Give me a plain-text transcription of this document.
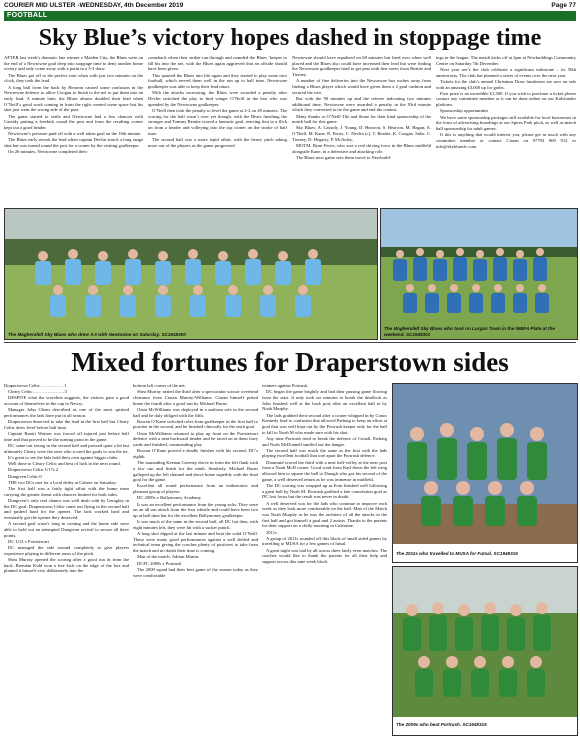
COURIER MID ULSTER -WEDNESDAY, 4th December 2019	Page 77
FOOTBALL
Sky Blue’s victory hopes dashed in stoppage time

AFTER last week’s dramatic late winner v Maiden City, the Blues were on the end of a Newtowne goal deep into stoppage time to deny another home victory and only come away with a point in a 3-3 draw.

The Blues got off to the perfect start when with just two minutes on the clock, they took the lead.

A long ball from the back by Hearron caused some confusion in the Newtowne defence to allow Coogan to finish to the net to put them into an early lead. A minute later, the Blues almost doubled their lead when O’Neill’s good work coming in from the right created some space but his shot just went the wrong side of the post.

The game started to settle and Newtowne had a few chances with Cassidy putting a freekick round the post and from the resulting corner kept out a good header.

Newtowne’s pressure paid off with a well taken goal on the 16th minute.

The Blues early retook the lead when captain Devlin struck a long range shot but was turned round the post for a corner by the visiting goalkeeper.

On 26 minutes, Newtowne completed their

comeback when their striker ran through and rounded the Blues ’keeper to fill his into the net, with the Blues again aggrieved that an offside should have been given.

This spurred the Blues into life again and they started to play some nice football, which served them well in the run up to half time, Newtowne goalkeeper was able to keep their lead intact.

With the attacks increasing, the Blues were awarded a penalty after Devlin switched the play to find winger O’Neill in the box who was upended by the Newtowne goalkeeper.

O’Neill then took the penalty to level the game at 2-2 on 49 minutes. The scoring for the half wasn’t over yet though, with the Blues finishing the stronger and Tommy Beattie scored a fantastic goal, reacting first to a flick on from a header and volleying into the top corner on the stroke of half time.

The second half was a more tepid affair, with the heavy pitch taking more out of the players as the game progressed.

Newtowne should have equalised on 60 minutes but fired over when well placed and the Blues also could have increased their lead but were finding the Newtowne goalkeeper hard to get past with fine saves from Beattie and Tierney.

A number of fine deliveries into the Newtowne box inches away from finding a Blues player which would have given them a 2 goal cushion and secured the win.

But with the 90 minutes up and the referee indicating two minutes additional time, Newtowne were awarded a penalty in the 93rd minute which they converted to tie the game and end the contest.

Many thanks to O’Neill Tile and Stone for their kind sponsorship of the match ball for this game.

Sky Blues: A. Cassidy, J. Young, D. Hearron, S. Hearron, M. Hagan, A. O’Neill, M. Kane, R. Ferris, C. Devlin (c), T. Beattie, K. Coogan. Subs: C. Tierney, D. Hegarty, P. McAuley,

MOTM: Ryan Ferris, who was a real driving force in the Blues midfield alongside Kane, in a defensive and attacking role.

The Blues next game sees them travel to Newbuild-

ings in the league. The match kicks off at 2pm at Newbuildings Community Centre on Saturday 7th December.

Next year see’s the club celebrate a significant milestone – its 50th anniversary. The club has planned a series of events over the next year.

Tickets for the club’s annual Christmas Draw fundraiser are now on sale with an amazing £3,000 up for grabs.

First prize is an incredible £1,500. If you wish to purchase a ticket please contact any committee member or it can be done online on our Kidsfunder platform.

Sponsorship opportunities

We have some sponsorship packages still available for local businesses in the form of advertising hoardings at our Spires Park pitch, as well as match ball sponsorship for adult games.

If this is anything that would interest you, please get in touch with any committee member or contact Ciaran on 07793 869 912 or info@skybluesfc.com

The Magherafelt Sky Blues who drew 3-3 with Newtowne on Saturday. SC1949300
The Magherafelt Sky Blues who took on Lurgan Town in the NIBFA Plate at the weekend. SC1949301
Mixed fortunes for Draperstown sides

Draperstown Celtic…………….1

Cleary Celtic…………………3

DESPITE what the scoreline suggests, the visitors gave a good account of themselves in the cup in Newry.

Manager John Glenn described as one of the most spirited performances the lads have put in all season.

Draperstown deserved to take the lead in the first half but Cleary Celtic drew level before half time.

Captain Ruairi Watson was forced off injured just before half time and that proved to be the turning point in the game.

DC came out strong in the second half and pressed quite a bit but ultimately Cleary were the ones who scored the goals to win the tie.

It’s great to see the lads hold their own against bigger clubs.

Well done to Cleary Celtic and best of luck in the next round.

Draperstown Celtic U17s 2

Dungiven Celtic 0

THE two DCs met for a local derby at Cahore on Saturday.

The first half was a fairly tight affair with the home team carrying the greater threat with chances limited for both sides.

Dungiven’s only real chance was well dealt with by Geraghty in the DC goal. Draperstown Celtic came out flying in the second half and pushed hard for the opener. The lads worked hard and eventually got the opener they deserved.

A second goal wasn’t long in coming and the home side were able to hold out an attempted Dungiven revival to secure all three points.

DC U13 v Portstewart

DC managed the side around completely to give players experience playing in different areas of the pitch.

Shea Murray opened the scoring after a good run in from the back. Brendan Kidd won a free kick on the edge of the box and planted it himself very deliberately into the

bottom left corner of the net.

Shea Murray netted the third after a spectacular scissor overhead clearance from Ciaran Murray-Williams. Ciaran himself poked home the fourth after a good run by Michael Burns.

Oisin McWilliams was deployed in a uniform role in the second half and he duly obliged with the fifth.

Rowan O’Kane switched roles from goalkeeper in the first half to poacher in the second, and he finished clinically for the sixth goal.

Oisin McWilliams returned to play up front on the Portstewart defence with a neat backward header and he raced on at them forty yards and finished, commanding play.

Rowan O’Kane proved a deadly finisher with his second, DC’s eighth.

The marauding Keenan Greeney drove in from the left flank with a low run and finish for the ninth. Similarly, Michael Burns galloped up the left channel and drove home superbly with the final goal for the game.

Excellent all round performance from an enthusiastic and pleasant group of players.

DC 2009s v Ballymoney Academy

It was an excellent performance from the young sofis. They were on an all out attack from the first whistle and could have been two up at half time but for the excellent Ballymoney goalkeeper.

It was much of the same in the second half, all DC but then, with eight minutes left, they were hit with a sucker punch.

A long shot dipped at the last minute and beat the solid O’Neill. These were many good performances against a well drilled and technical team giving the coaches plenty of positives to take from the match and no doubt their time is coming.

Man of the match: Adrian Martin.

DCFC 2009s v Portrush

The 2009 squad had their best game of the season today as they were comfortable

winners against Portrush.

DC began the game brightly and had their passing game flowing from the start. It only took six minutes to break the deadlock as John finished well at the back post after an excellent ball in by Noah Murphy.

The lads grabbed their second after a corner whipped in by Conor Kennedy lead to confusion that allowed Padraig to keep an effort at goal that was well kept out by the Portrush keeper only for the ball to fall to Noah M who made sure with his shot.

Any time Portrush tried to break the defence of Conall, Padraig and Noah McDonnell snuffed out the danger.

The second half was much the same as the first with the lads playing excellent football that tore apart the Portrush defence.

Diarmuid scored the third with a neat half-volley at the near post from a Noah McD corner. Good work from Karl down the left wing allowed him to square the ball to Daragh who got his second of the game, a well deserved return as he was immense in midfield.

The DC scoring was wrapped up as Eoin finished well following a great ball by Noah M. Portrush grabbed a late consolation goal as DC lost focus but the result was never in doubt.

A well deserved win for the lads who continue to improve each week as they look more comfortable on the ball. Man of the Match was Noah Murphy as he was the architect of all the attacks in the first half and got himself a goal and 2 assists. Thanks to the parents for their support on a chilly morning in Coleraine.

2011s

A group of 2011s rounded off this block of small sided games by travelling to MUSA for a few games of futsal.

A great night was had by all across three fairly even matches. The coaches would like to thank the parents for all their help and support across this nine week block.

The 2011s who travelled to MUSA for Futsal. SC1949316
The 2009s who beat Portrush. SC1949315
